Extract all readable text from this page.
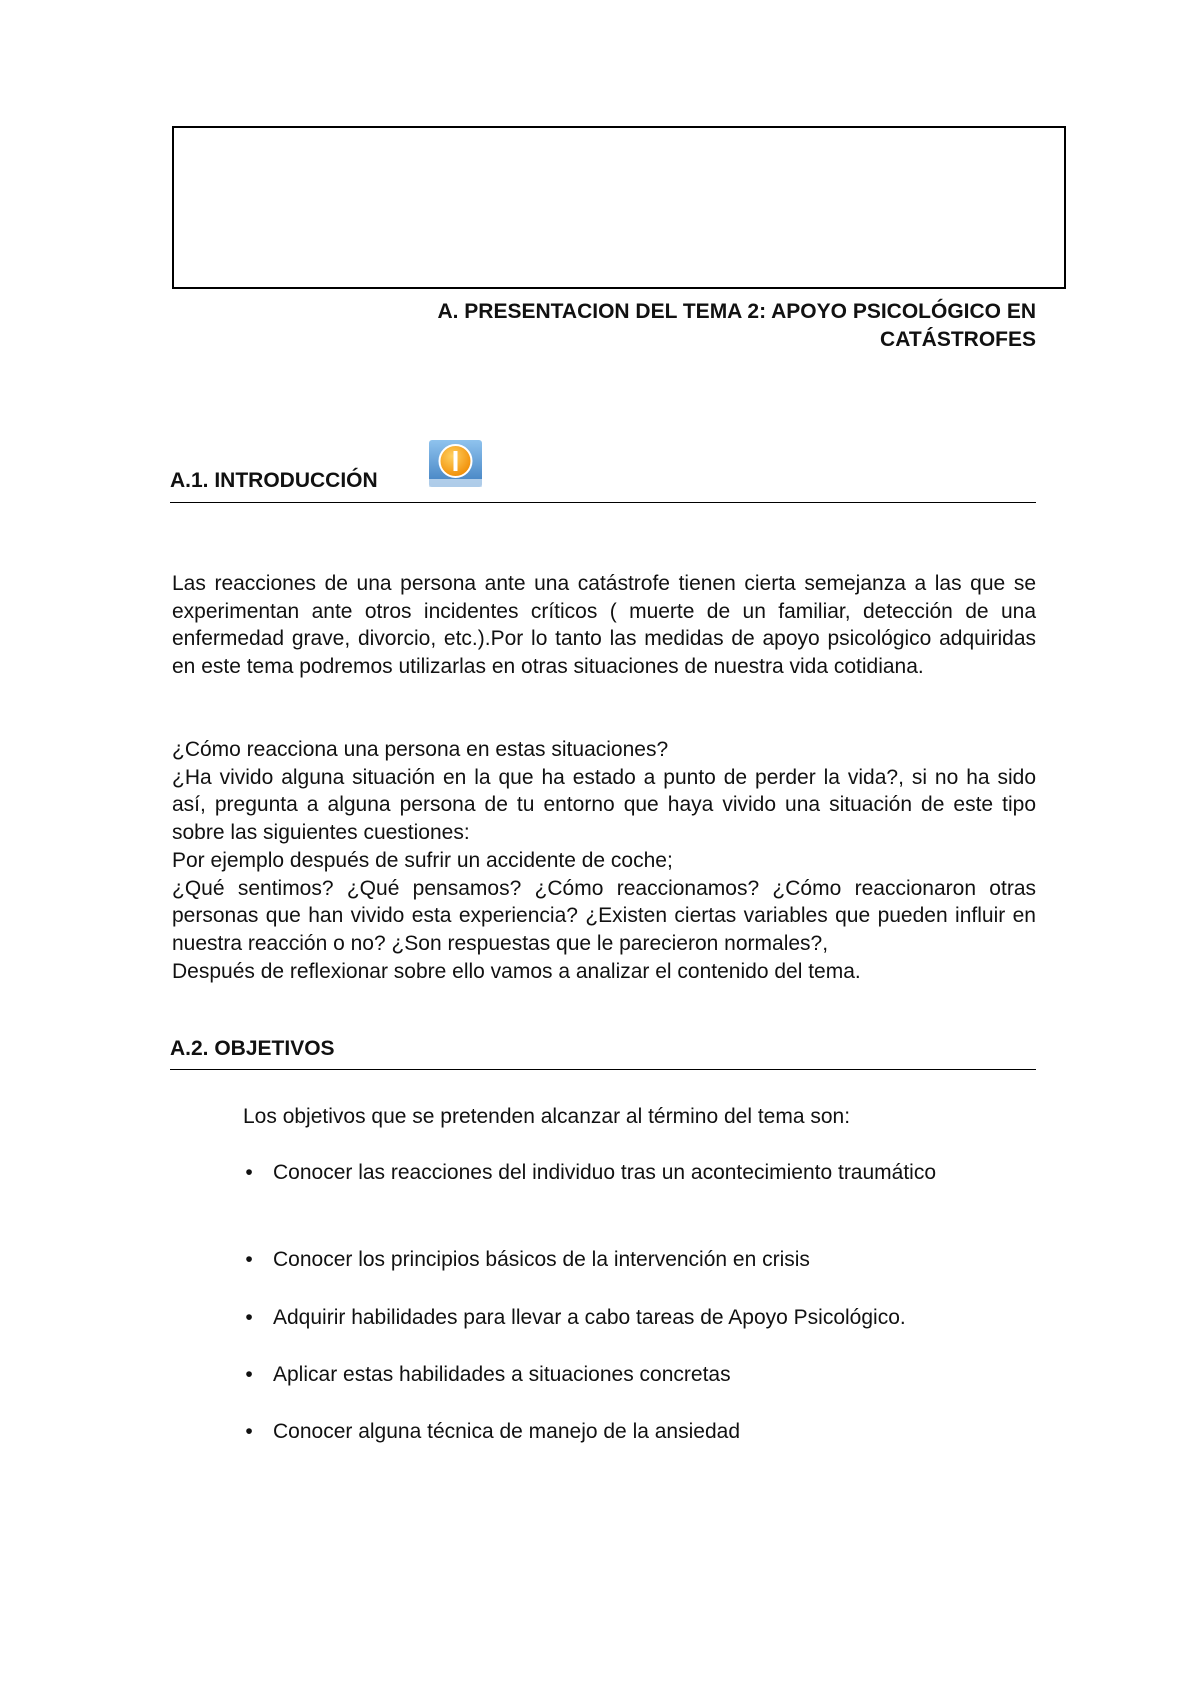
A. PRESENTACION DEL TEMA 2: APOYO PSICOLÓGICO EN
CATÁSTROFES
A.1. INTRODUCCIÓN

Las reacciones de una persona ante una catástrofe tienen cierta semejanza a las que se experimentan ante otros incidentes críticos ( muerte de un familiar, detección de una enfermedad grave, divorcio, etc.).Por lo tanto las medidas de apoyo psicológico adquiridas en este tema podremos utilizarlas en otras situaciones de nuestra vida cotidiana.

¿Cómo reacciona una persona en estas situaciones?
¿Ha vivido alguna situación en la que ha estado a punto de perder la vida?, si no ha sido así, pregunta a alguna persona de tu entorno que haya vivido una situación de este tipo sobre las siguientes cuestiones:
Por ejemplo después de sufrir un accidente de coche;
¿Qué sentimos? ¿Qué pensamos? ¿Cómo reaccionamos? ¿Cómo reaccionaron otras personas que han vivido esta experiencia? ¿Existen ciertas variables que pueden influir en nuestra reacción o no? ¿Son respuestas que le parecieron normales?,
Después de reflexionar sobre ello vamos a analizar el contenido del tema.
A.2. OBJETIVOS

Los objetivos que se pretenden alcanzar al término del tema son:

• Conocer las reacciones del individuo tras un acontecimiento traumático
• Conocer los principios básicos de la intervención en crisis
• Adquirir habilidades para llevar a cabo tareas de Apoyo Psicológico.
• Aplicar estas habilidades a situaciones concretas
• Conocer alguna técnica de manejo de la ansiedad
